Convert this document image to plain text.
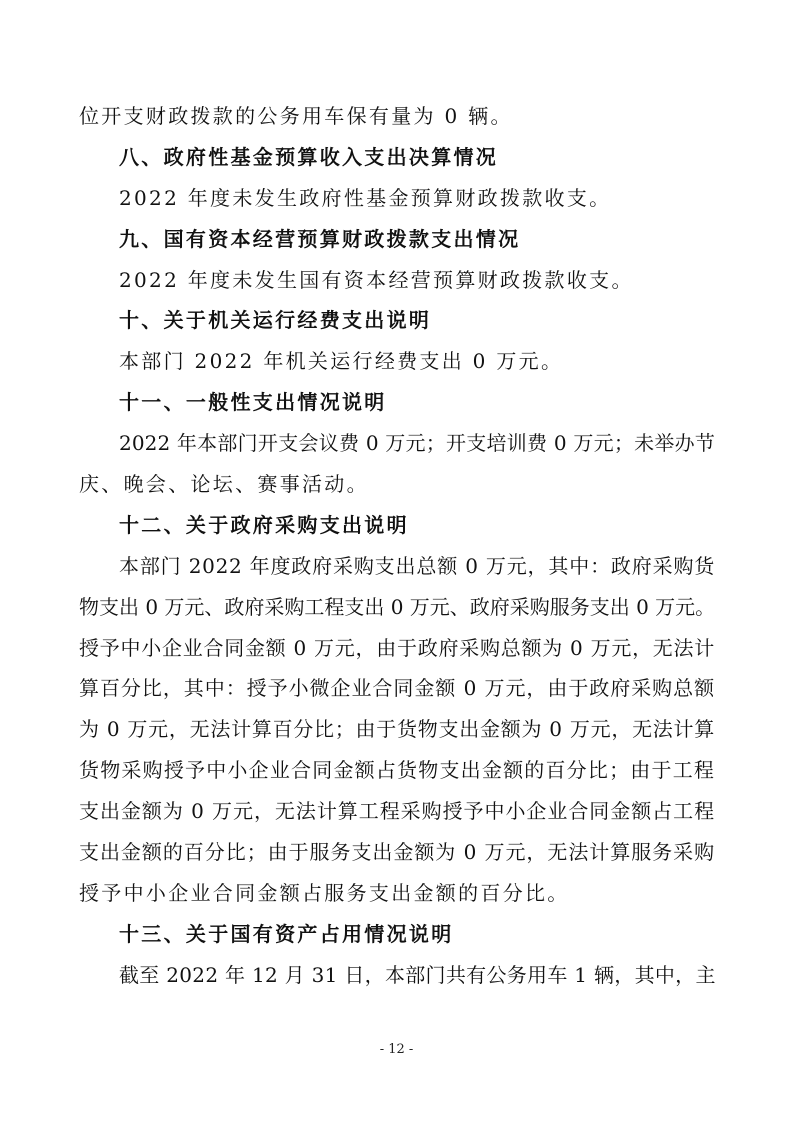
位开支财政拨款的公务用车保有量为 0 辆。
八、政府性基金预算收入支出决算情况
2022 年度未发生政府性基金预算财政拨款收支。
九、国有资本经营预算财政拨款支出情况
2022 年度未发生国有资本经营预算财政拨款收支。
十、关于机关运行经费支出说明
本部门 2022 年机关运行经费支出 0 万元。
十一、一般性支出情况说明
2022 年本部门开支会议费 0 万元；开支培训费 0 万元；未举办节
庆、晚会、论坛、赛事活动。
十二、关于政府采购支出说明
本部门 2022 年度政府采购支出总额 0 万元，其中：政府采购货
物支出 0 万元、政府采购工程支出 0 万元、政府采购服务支出 0 万元。
授予中小企业合同金额 0 万元，由于政府采购总额为 0 万元，无法计
算百分比，其中：授予小微企业合同金额 0 万元，由于政府采购总额
为 0 万元，无法计算百分比；由于货物支出金额为 0 万元，无法计算
货物采购授予中小企业合同金额占货物支出金额的百分比；由于工程
支出金额为 0 万元，无法计算工程采购授予中小企业合同金额占工程
支出金额的百分比；由于服务支出金额为 0 万元，无法计算服务采购
授予中小企业合同金额占服务支出金额的百分比。
十三、关于国有资产占用情况说明
截至 2022 年 12 月 31 日，本部门共有公务用车 1 辆，其中，主
- 12 -
